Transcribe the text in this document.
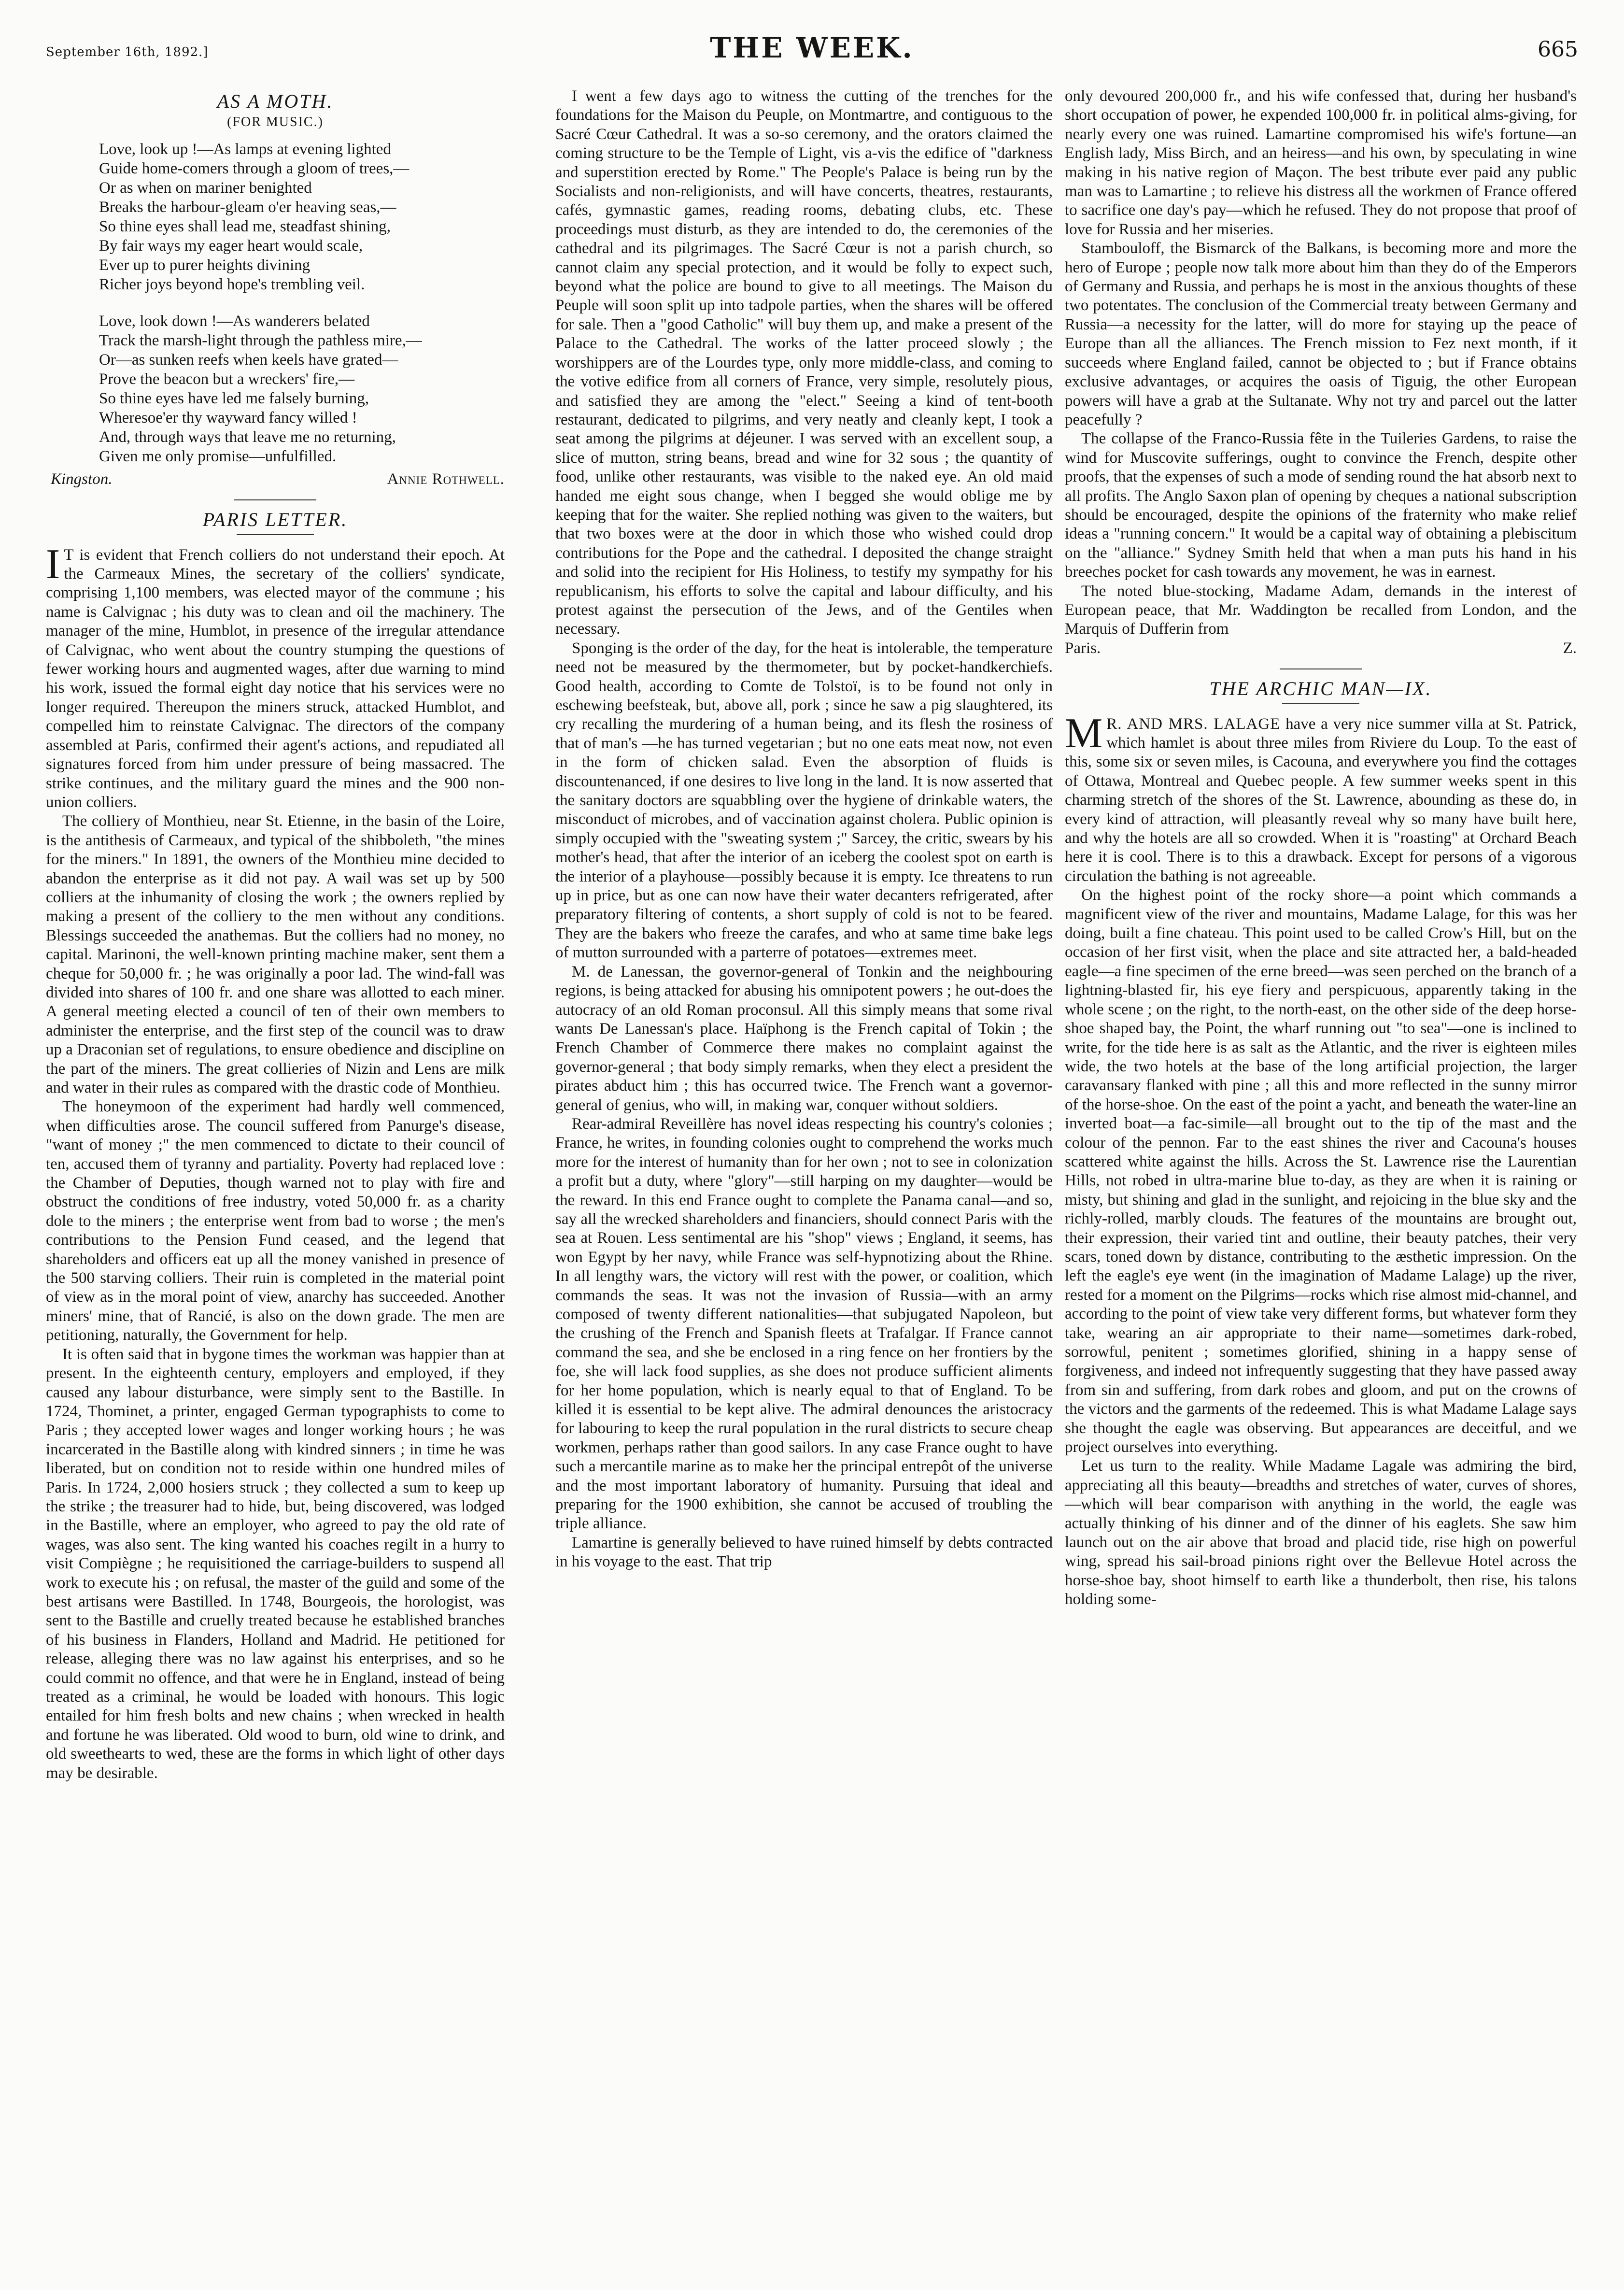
September 16th, 1892.]	THE WEEK.	665
AS A MOTH.
(FOR MUSIC.)
Love, look up !—As lamps at evening lighted
Guide home-comers through a gloom of trees,—
Or as when on mariner benighted
Breaks the harbour-gleam o'er heaving seas,—
So thine eyes shall lead me, steadfast shining,
By fair ways my eager heart would scale,
Ever up to purer heights divining
Richer joys beyond hope's trembling veil.
Love, look down !—As wanderers belated
Track the marsh-light through the pathless mire,—
Or—as sunken reefs when keels have grated—
Prove the beacon but a wreckers' fire,—
So thine eyes have led me falsely burning,
Wheresoe'er thy wayward fancy willed !
And, through ways that leave me no returning,
Given me only promise—unfulfilled.
Kingston.	Annie Rothwell.
PARIS LETTER.

I T is evident that French colliers do not understand their epoch. At the Carmeaux Mines, the secretary of the colliers' syndicate, comprising 1,100 members, was elected mayor of the commune ; his name is Calvignac ; his duty was to clean and oil the machinery. The manager of the mine, Humblot, in presence of the irregular attendance of Calvignac, who went about the country stumping the questions of fewer working hours and augmented wages, after due warning to mind his work, issued the formal eight day notice that his services were no longer required. Thereupon the miners struck, attacked Humblot, and compelled him to reinstate Calvignac. The directors of the company assembled at Paris, confirmed their agent's actions, and repudiated all signatures forced from him under pressure of being massacred. The strike continues, and the military guard the mines and the 900 non-union colliers.

The colliery of Monthieu, near St. Etienne, in the basin of the Loire, is the antithesis of Carmeaux, and typical of the shibboleth, "the mines for the miners." In 1891, the owners of the Monthieu mine decided to abandon the enterprise as it did not pay. A wail was set up by 500 colliers at the inhumanity of closing the work ; the owners replied by making a present of the colliery to the men without any conditions. Blessings succeeded the anathemas. But the colliers had no money, no capital. Marinoni, the well-known printing machine maker, sent them a cheque for 50,000 fr. ; he was originally a poor lad. The wind-fall was divided into shares of 100 fr. and one share was allotted to each miner. A general meeting elected a council of ten of their own members to administer the enterprise, and the first step of the council was to draw up a Draconian set of regulations, to ensure obedience and discipline on the part of the miners. The great collieries of Nizin and Lens are milk and water in their rules as compared with the drastic code of Monthieu.

The honeymoon of the experiment had hardly well commenced, when difficulties arose. The council suffered from Panurge's disease, "want of money ;" the men commenced to dictate to their council of ten, accused them of tyranny and partiality. Poverty had replaced love : the Chamber of Deputies, though warned not to play with fire and obstruct the conditions of free industry, voted 50,000 fr. as a charity dole to the miners ; the enterprise went from bad to worse ; the men's contributions to the Pension Fund ceased, and the legend that shareholders and officers eat up all the money vanished in presence of the 500 starving colliers. Their ruin is completed in the material point of view as in the moral point of view, anarchy has succeeded. Another miners' mine, that of Rancié, is also on the down grade. The men are petitioning, naturally, the Government for help.

It is often said that in bygone times the workman was happier than at present. In the eighteenth century, employers and employed, if they caused any labour disturbance, were simply sent to the Bastille. In 1724, Thominet, a printer, engaged German typographists to come to Paris ; they accepted lower wages and longer working hours ; he was incarcerated in the Bastille along with kindred sinners ; in time he was liberated, but on condition not to reside within one hundred miles of Paris. In 1724, 2,000 hosiers struck ; they collected a sum to keep up the strike ; the treasurer had to hide, but, being discovered, was lodged in the Bastille, where an employer, who agreed to pay the old rate of wages, was also sent. The king wanted his coaches regilt in a hurry to visit Compiègne ; he requisitioned the carriage-builders to suspend all work to execute his ; on refusal, the master of the guild and some of the best artisans were Bastilled. In 1748, Bourgeois, the horologist, was sent to the Bastille and cruelly treated because he established branches of his business in Flanders, Holland and Madrid. He petitioned for release, alleging there was no law against his enterprises, and so he could commit no offence, and that were he in England, instead of being treated as a criminal, he would be loaded with honours. This logic entailed for him fresh bolts and new chains ; when wrecked in health and fortune he was liberated. Old wood to burn, old wine to drink, and old sweethearts to wed, these are the forms in which light of other days may be desirable.

I went a few days ago to witness the cutting of the trenches for the foundations for the Maison du Peuple, on Montmartre, and contiguous to the Sacré Cœur Cathedral. It was a so-so ceremony, and the orators claimed the coming structure to be the Temple of Light, vis a-vis the edifice of "darkness and superstition erected by Rome." The People's Palace is being run by the Socialists and non-religionists, and will have concerts, theatres, restaurants, cafés, gymnastic games, reading rooms, debating clubs, etc. These proceedings must disturb, as they are intended to do, the ceremonies of the cathedral and its pilgrimages. The Sacré Cœur is not a parish church, so cannot claim any special protection, and it would be folly to expect such, beyond what the police are bound to give to all meetings. The Maison du Peuple will soon split up into tadpole parties, when the shares will be offered for sale. Then a "good Catholic" will buy them up, and make a present of the Palace to the Cathedral. The works of the latter proceed slowly ; the worshippers are of the Lourdes type, only more middle-class, and coming to the votive edifice from all corners of France, very simple, resolutely pious, and satisfied they are among the "elect." Seeing a kind of tent-booth restaurant, dedicated to pilgrims, and very neatly and cleanly kept, I took a seat among the pilgrims at déjeuner. I was served with an excellent soup, a slice of mutton, string beans, bread and wine for 32 sous ; the quantity of food, unlike other restaurants, was visible to the naked eye. An old maid handed me eight sous change, when I begged she would oblige me by keeping that for the waiter. She replied nothing was given to the waiters, but that two boxes were at the door in which those who wished could drop contributions for the Pope and the cathedral. I deposited the change straight and solid into the recipient for His Holiness, to testify my sympathy for his republicanism, his efforts to solve the capital and labour difficulty, and his protest against the persecution of the Jews, and of the Gentiles when necessary.

Sponging is the order of the day, for the heat is intolerable, the temperature need not be measured by the thermometer, but by pocket-handkerchiefs. Good health, according to Comte de Tolstoï, is to be found not only in eschewing beefsteak, but, above all, pork ; since he saw a pig slaughtered, its cry recalling the murdering of a human being, and its flesh the rosiness of that of man's —he has turned vegetarian ; but no one eats meat now, not even in the form of chicken salad. Even the absorption of fluids is discountenanced, if one desires to live long in the land. It is now asserted that the sanitary doctors are squabbling over the hygiene of drinkable waters, the misconduct of microbes, and of vaccination against cholera. Public opinion is simply occupied with the "sweating system ;" Sarcey, the critic, swears by his mother's head, that after the interior of an iceberg the coolest spot on earth is the interior of a playhouse—possibly because it is empty. Ice threatens to run up in price, but as one can now have their water decanters refrigerated, after preparatory filtering of contents, a short supply of cold is not to be feared. They are the bakers who freeze the carafes, and who at same time bake legs of mutton surrounded with a parterre of potatoes—extremes meet.

M. de Lanessan, the governor-general of Tonkin and the neighbouring regions, is being attacked for abusing his omnipotent powers ; he out-does the autocracy of an old Roman proconsul. All this simply means that some rival wants De Lanessan's place. Haïphong is the French capital of Tokin ; the French Chamber of Commerce there makes no complaint against the governor-general ; that body simply remarks, when they elect a president the pirates abduct him ; this has occurred twice. The French want a governor-general of genius, who will, in making war, conquer without soldiers.

Rear-admiral Reveillère has novel ideas respecting his country's colonies ; France, he writes, in founding colonies ought to comprehend the works much more for the interest of humanity than for her own ; not to see in colonization a profit but a duty, where "glory"—still harping on my daughter—would be the reward. In this end France ought to complete the Panama canal—and so, say all the wrecked shareholders and financiers, should connect Paris with the sea at Rouen. Less sentimental are his "shop" views ; England, it seems, has won Egypt by her navy, while France was self-hypnotizing about the Rhine. In all lengthy wars, the victory will rest with the power, or coalition, which commands the seas. It was not the invasion of Russia—with an army composed of twenty different nationalities—that subjugated Napoleon, but the crushing of the French and Spanish fleets at Trafalgar. If France cannot command the sea, and she be enclosed in a ring fence on her frontiers by the foe, she will lack food supplies, as she does not produce sufficient aliments for her home population, which is nearly equal to that of England. To be killed it is essential to be kept alive. The admiral denounces the aristocracy for labouring to keep the rural population in the rural districts to secure cheap workmen, perhaps rather than good sailors. In any case France ought to have such a mercantile marine as to make her the principal entrepôt of the universe and the most important laboratory of humanity. Pursuing that ideal and preparing for the 1900 exhibition, she cannot be accused of troubling the triple alliance.

Lamartine is generally believed to have ruined himself by debts contracted in his voyage to the east. That trip

only devoured 200,000 fr., and his wife confessed that, during her husband's short occupation of power, he expended 100,000 fr. in political alms-giving, for nearly every one was ruined. Lamartine compromised his wife's fortune—an English lady, Miss Birch, and an heiress—and his own, by speculating in wine making in his native region of Maçon. The best tribute ever paid any public man was to Lamartine ; to relieve his distress all the workmen of France offered to sacrifice one day's pay—which he refused. They do not propose that proof of love for Russia and her miseries.

Stambouloff, the Bismarck of the Balkans, is becoming more and more the hero of Europe ; people now talk more about him than they do of the Emperors of Germany and Russia, and perhaps he is most in the anxious thoughts of these two potentates. The conclusion of the Commercial treaty between Germany and Russia—a necessity for the latter, will do more for staying up the peace of Europe than all the alliances. The French mission to Fez next month, if it succeeds where England failed, cannot be objected to ; but if France obtains exclusive advantages, or acquires the oasis of Tiguig, the other European powers will have a grab at the Sultanate. Why not try and parcel out the latter peacefully ?

The collapse of the Franco-Russia fête in the Tuileries Gardens, to raise the wind for Muscovite sufferings, ought to convince the French, despite other proofs, that the expenses of such a mode of sending round the hat absorb next to all profits. The Anglo Saxon plan of opening by cheques a national subscription should be encouraged, despite the opinions of the fraternity who make relief ideas a "running concern." It would be a capital way of obtaining a plebiscitum on the "alliance." Sydney Smith held that when a man puts his hand in his breeches pocket for cash towards any movement, he was in earnest.

The noted blue-stocking, Madame Adam, demands in the interest of European peace, that Mr. Waddington be recalled from London, and the Marquis of Dufferin from

Paris.	Z.
THE ARCHIC MAN—IX.

M R. AND MRS. LALAGE have a very nice summer villa at St. Patrick, which hamlet is about three miles from Riviere du Loup. To the east of this, some six or seven miles, is Cacouna, and everywhere you find the cottages of Ottawa, Montreal and Quebec people. A few summer weeks spent in this charming stretch of the shores of the St. Lawrence, abounding as these do, in every kind of attraction, will pleasantly reveal why so many have built here, and why the hotels are all so crowded. When it is "roasting" at Orchard Beach here it is cool. There is to this a drawback. Except for persons of a vigorous circulation the bathing is not agreeable.

On the highest point of the rocky shore—a point which commands a magnificent view of the river and mountains, Madame Lalage, for this was her doing, built a fine chateau. This point used to be called Crow's Hill, but on the occasion of her first visit, when the place and site attracted her, a bald-headed eagle—a fine specimen of the erne breed—was seen perched on the branch of a lightning-blasted fir, his eye fiery and perspicuous, apparently taking in the whole scene ; on the right, to the north-east, on the other side of the deep horse-shoe shaped bay, the Point, the wharf running out "to sea"—one is inclined to write, for the tide here is as salt as the Atlantic, and the river is eighteen miles wide, the two hotels at the base of the long artificial projection, the larger caravansary flanked with pine ; all this and more reflected in the sunny mirror of the horse-shoe. On the east of the point a yacht, and beneath the water-line an inverted boat—a fac-simile—all brought out to the tip of the mast and the colour of the pennon. Far to the east shines the river and Cacouna's houses scattered white against the hills. Across the St. Lawrence rise the Laurentian Hills, not robed in ultra-marine blue to-day, as they are when it is raining or misty, but shining and glad in the sunlight, and rejoicing in the blue sky and the richly-rolled, marbly clouds. The features of the mountains are brought out, their expression, their varied tint and outline, their beauty patches, their very scars, toned down by distance, contributing to the æsthetic impression. On the left the eagle's eye went (in the imagination of Madame Lalage) up the river, rested for a moment on the Pilgrims—rocks which rise almost mid-channel, and according to the point of view take very different forms, but whatever form they take, wearing an air appropriate to their name—sometimes dark-robed, sorrowful, penitent ; sometimes glorified, shining in a happy sense of forgiveness, and indeed not infrequently suggesting that they have passed away from sin and suffering, from dark robes and gloom, and put on the crowns of the victors and the garments of the redeemed. This is what Madame Lalage says she thought the eagle was observing. But appearances are deceitful, and we project ourselves into everything.

Let us turn to the reality. While Madame Lagale was admiring the bird, appreciating all this beauty—breadths and stretches of water, curves of shores,—which will bear comparison with anything in the world, the eagle was actually thinking of his dinner and of the dinner of his eaglets. She saw him launch out on the air above that broad and placid tide, rise high on powerful wing, spread his sail-broad pinions right over the Bellevue Hotel across the horse-shoe bay, shoot himself to earth like a thunderbolt, then rise, his talons holding some-
